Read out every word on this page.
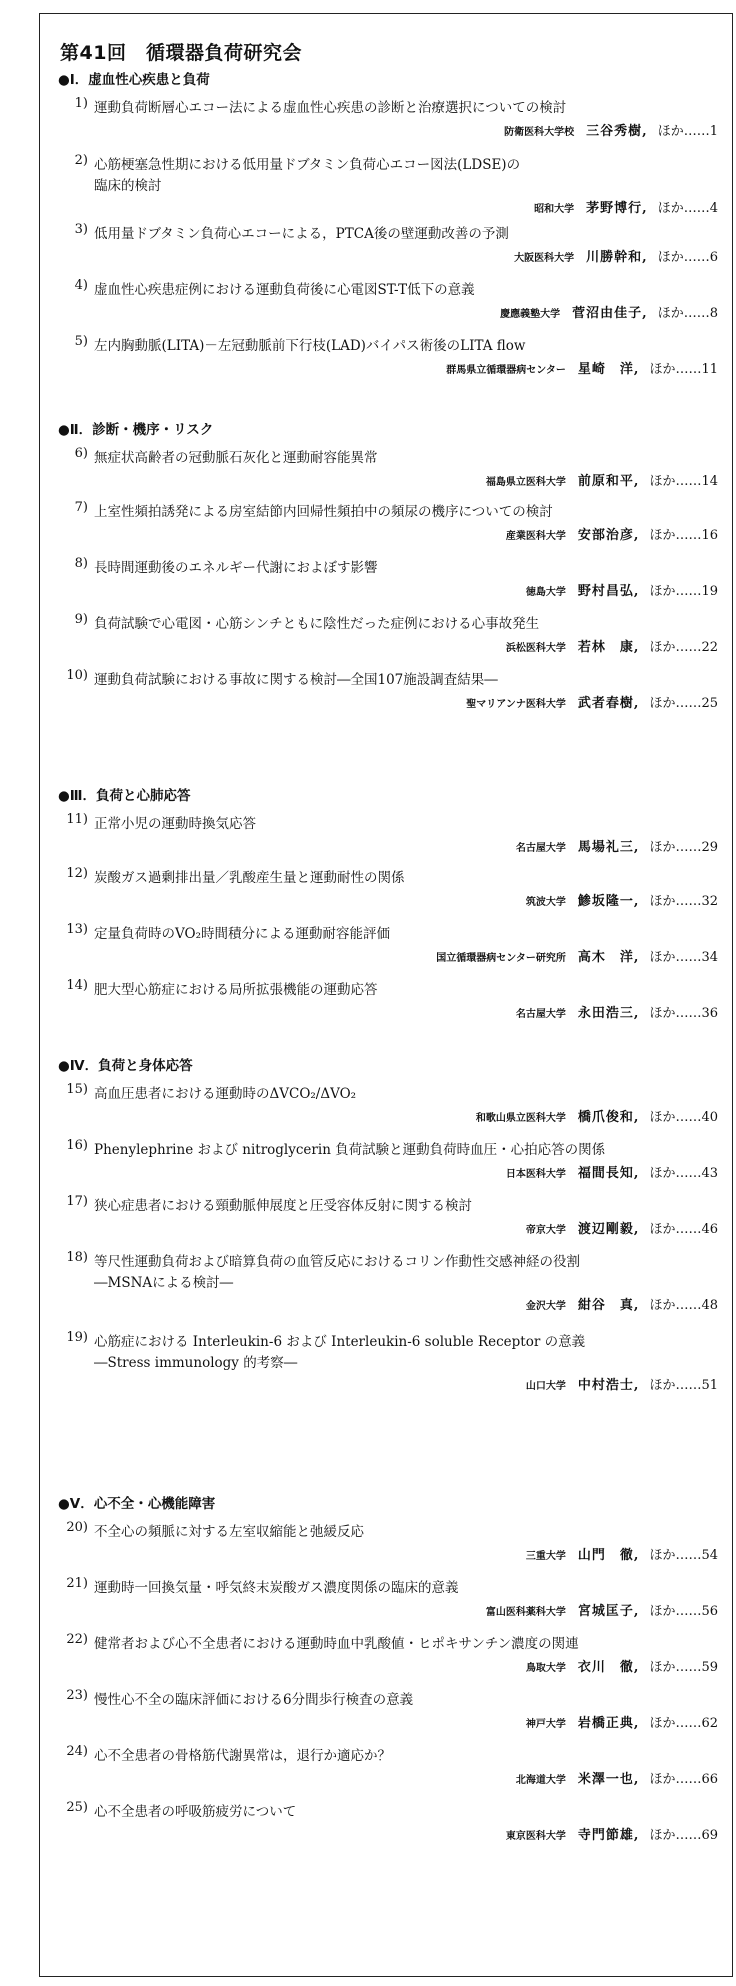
第41回　循環器負荷研究会
●Ⅰ．虚血性心疾患と負荷
1) 運動負荷断層心エコー法による虚血性心疾患の診断と治療選択についての検討
防衛医科大学校 三谷秀樹, ほか……1
2) 心筋梗塞急性期における低用量ドブタミン負荷心エコー図法(LDSE)の
臨床的検討
昭和大学 茅野博行, ほか……4
3) 低用量ドブタミン負荷心エコーによる，PTCA後の壁運動改善の予測
大阪医科大学 川勝幹和, ほか……6
4) 虚血性心疾患症例における運動負荷後に心電図ST-T低下の意義
慶應義塾大学 菅沼由佳子, ほか……8
5) 左内胸動脈(LITA)－左冠動脈前下行枝(LAD)バイパス術後のLITA flow
群馬県立循環器病センター 星崎　洋, ほか……11
●Ⅱ．診断・機序・リスク
6) 無症状高齢者の冠動脈石灰化と運動耐容能異常
福島県立医科大学 前原和平, ほか……14
7) 上室性頻拍誘発による房室結節内回帰性頻拍中の頻尿の機序についての検討
産業医科大学 安部治彦, ほか……16
8) 長時間運動後のエネルギー代謝におよぼす影響
徳島大学 野村昌弘, ほか……19
9) 負荷試験で心電図・心筋シンチともに陰性だった症例における心事故発生
浜松医科大学 若林　康, ほか……22
10) 運動負荷試験における事故に関する検討―全国107施設調査結果―
聖マリアンナ医科大学 武者春樹, ほか……25
●Ⅲ．負荷と心肺応答
11) 正常小児の運動時換気応答
名古屋大学 馬場礼三, ほか……29
12) 炭酸ガス過剰排出量／乳酸産生量と運動耐性の関係
筑波大学 鯵坂隆一, ほか……32
13) 定量負荷時のVO₂時間積分による運動耐容能評価
国立循環器病センター研究所 高木　洋, ほか……34
14) 肥大型心筋症における局所拡張機能の運動応答
名古屋大学 永田浩三, ほか……36
●Ⅳ．負荷と身体応答
15) 高血圧患者における運動時のΔVCO₂/ΔVO₂
和歌山県立医科大学 橋爪俊和, ほか……40
16) Phenylephrine および nitroglycerin 負荷試験と運動負荷時血圧・心拍応答の関係
日本医科大学 福間長知, ほか……43
17) 狭心症患者における頸動脈伸展度と圧受容体反射に関する検討
帝京大学 渡辺剛毅, ほか……46
18) 等尺性運動負荷および暗算負荷の血管反応におけるコリン作動性交感神経の役割
―MSNAによる検討―
金沢大学 紺谷　真, ほか……48
19) 心筋症における Interleukin-6 および Interleukin-6 soluble Receptor の意義
―Stress immunology 的考察―
山口大学 中村浩士, ほか……51
●Ⅴ．心不全・心機能障害
20) 不全心の頻脈に対する左室収縮能と弛緩反応
三重大学 山門　徹, ほか……54
21) 運動時一回換気量・呼気終末炭酸ガス濃度関係の臨床的意義
富山医科薬科大学 宮城匡子, ほか……56
22) 健常者および心不全患者における運動時血中乳酸値・ヒポキサンチン濃度の関連
鳥取大学 衣川　徹, ほか……59
23) 慢性心不全の臨床評価における6分間歩行検査の意義
神戸大学 岩橋正典, ほか……62
24) 心不全患者の骨格筋代謝異常は，退行か適応か？
北海道大学 米澤一也, ほか……66
25) 心不全患者の呼吸筋疲労について
東京医科大学 寺門節雄, ほか……69
